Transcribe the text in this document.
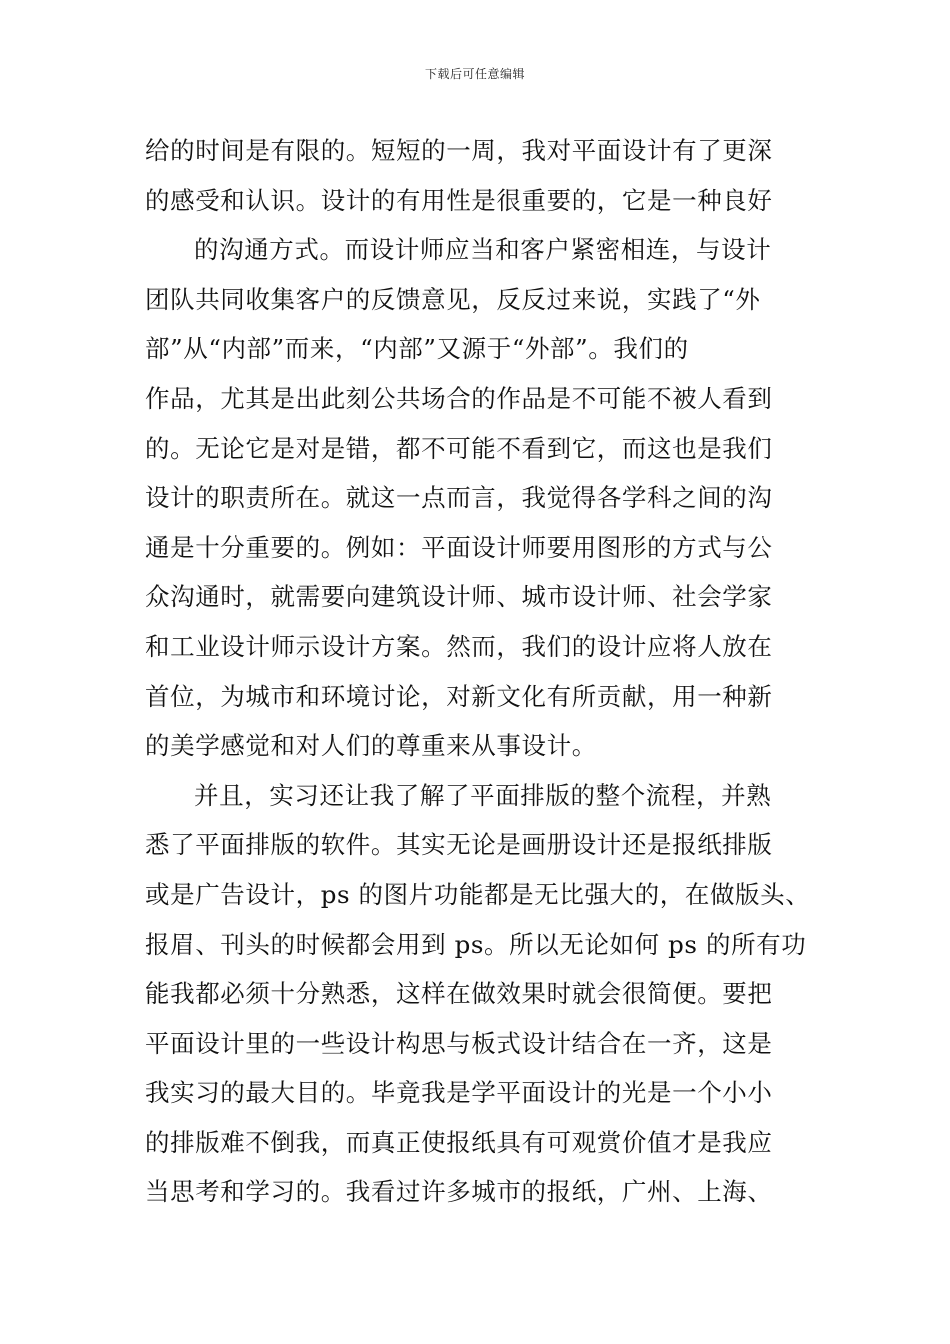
下载后可任意编辑
给的时间是有限的。短短的一周，我对平面设计有了更深
的感受和认识。设计的有用性是很重要的，它是一种良好
的沟通方式。而设计师应当和客户紧密相连，与设计
团队共同收集客户的反馈意见，反反过来说，实践了“外
部”从“内部”而来，“内部”又源于“外部”。我们的
作品，尤其是出此刻公共场合的作品是不可能不被人看到
的。无论它是对是错，都不可能不看到它，而这也是我们
设计的职责所在。就这一点而言，我觉得各学科之间的沟
通是十分重要的。例如：平面设计师要用图形的方式与公
众沟通时，就需要向建筑设计师、城市设计师、社会学家
和工业设计师示设计方案。然而，我们的设计应将人放在
首位，为城市和环境讨论，对新文化有所贡献，用一种新
的美学感觉和对人们的尊重来从事设计。
并且，实习还让我了解了平面排版的整个流程，并熟
悉了平面排版的软件。其实无论是画册设计还是报纸排版
或是广告设计，ps 的图片功能都是无比强大的，在做版头、
报眉、刊头的时候都会用到 ps。所以无论如何 ps 的所有功
能我都必须十分熟悉，这样在做效果时就会很简便。要把
平面设计里的一些设计构思与板式设计结合在一齐，这是
我实习的最大目的。毕竟我是学平面设计的光是一个小小
的排版难不倒我，而真正使报纸具有可观赏价值才是我应
当思考和学习的。我看过许多城市的报纸，广州、上海、
